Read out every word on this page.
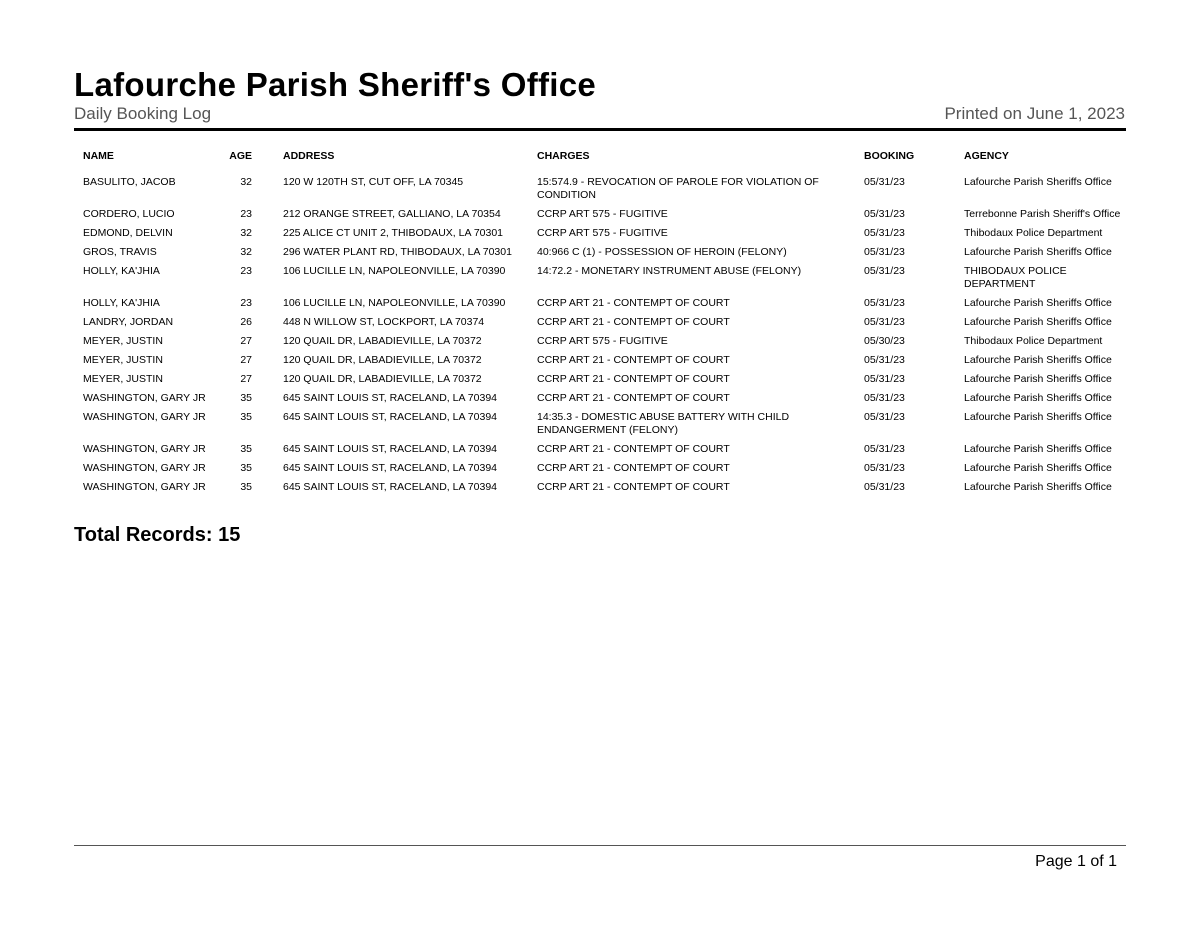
Lafourche Parish Sheriff's Office
Daily Booking Log	Printed on June 1, 2023
NAME	AGE	ADDRESS	CHARGES	BOOKING	AGENCY
BASULITO, JACOB	32	120 W 120TH ST, CUT OFF, LA 70345	15:574.9 - REVOCATION OF PAROLE FOR VIOLATION OF CONDITION	05/31/23	Lafourche Parish Sheriffs Office
CORDERO, LUCIO	23	212 ORANGE STREET, GALLIANO, LA 70354	CCRP ART 575 - FUGITIVE	05/31/23	Terrebonne Parish Sheriff's Office
EDMOND, DELVIN	32	225 ALICE CT UNIT 2, THIBODAUX, LA 70301	CCRP ART 575 - FUGITIVE	05/31/23	Thibodaux Police Department
GROS, TRAVIS	32	296 WATER PLANT RD, THIBODAUX, LA 70301	40:966 C (1) - POSSESSION OF HEROIN (FELONY)	05/31/23	Lafourche Parish Sheriffs Office
HOLLY, KA'JHIA	23	106 LUCILLE LN, NAPOLEONVILLE, LA 70390	14:72.2 - MONETARY INSTRUMENT ABUSE (FELONY)	05/31/23	THIBODAUX POLICE DEPARTMENT
HOLLY, KA'JHIA	23	106 LUCILLE LN, NAPOLEONVILLE, LA 70390	CCRP ART 21 - CONTEMPT OF COURT	05/31/23	Lafourche Parish Sheriffs Office
LANDRY, JORDAN	26	448 N WILLOW ST, LOCKPORT, LA 70374	CCRP ART 21 - CONTEMPT OF COURT	05/31/23	Lafourche Parish Sheriffs Office
MEYER, JUSTIN	27	120 QUAIL DR, LABADIEVILLE, LA 70372	CCRP ART 575 - FUGITIVE	05/30/23	Thibodaux Police Department
MEYER, JUSTIN	27	120 QUAIL DR, LABADIEVILLE, LA 70372	CCRP ART 21 - CONTEMPT OF COURT	05/31/23	Lafourche Parish Sheriffs Office
MEYER, JUSTIN	27	120 QUAIL DR, LABADIEVILLE, LA 70372	CCRP ART 21 - CONTEMPT OF COURT	05/31/23	Lafourche Parish Sheriffs Office
WASHINGTON, GARY JR	35	645 SAINT LOUIS ST, RACELAND, LA 70394	CCRP ART 21 - CONTEMPT OF COURT	05/31/23	Lafourche Parish Sheriffs Office
WASHINGTON, GARY JR	35	645 SAINT LOUIS ST, RACELAND, LA 70394	14:35.3 - DOMESTIC ABUSE BATTERY WITH CHILD ENDANGERMENT (FELONY)	05/31/23	Lafourche Parish Sheriffs Office
WASHINGTON, GARY JR	35	645 SAINT LOUIS ST, RACELAND, LA 70394	CCRP ART 21 - CONTEMPT OF COURT	05/31/23	Lafourche Parish Sheriffs Office
WASHINGTON, GARY JR	35	645 SAINT LOUIS ST, RACELAND, LA 70394	CCRP ART 21 - CONTEMPT OF COURT	05/31/23	Lafourche Parish Sheriffs Office
WASHINGTON, GARY JR	35	645 SAINT LOUIS ST, RACELAND, LA 70394	CCRP ART 21 - CONTEMPT OF COURT	05/31/23	Lafourche Parish Sheriffs Office
Total Records: 15
Page 1 of 1
